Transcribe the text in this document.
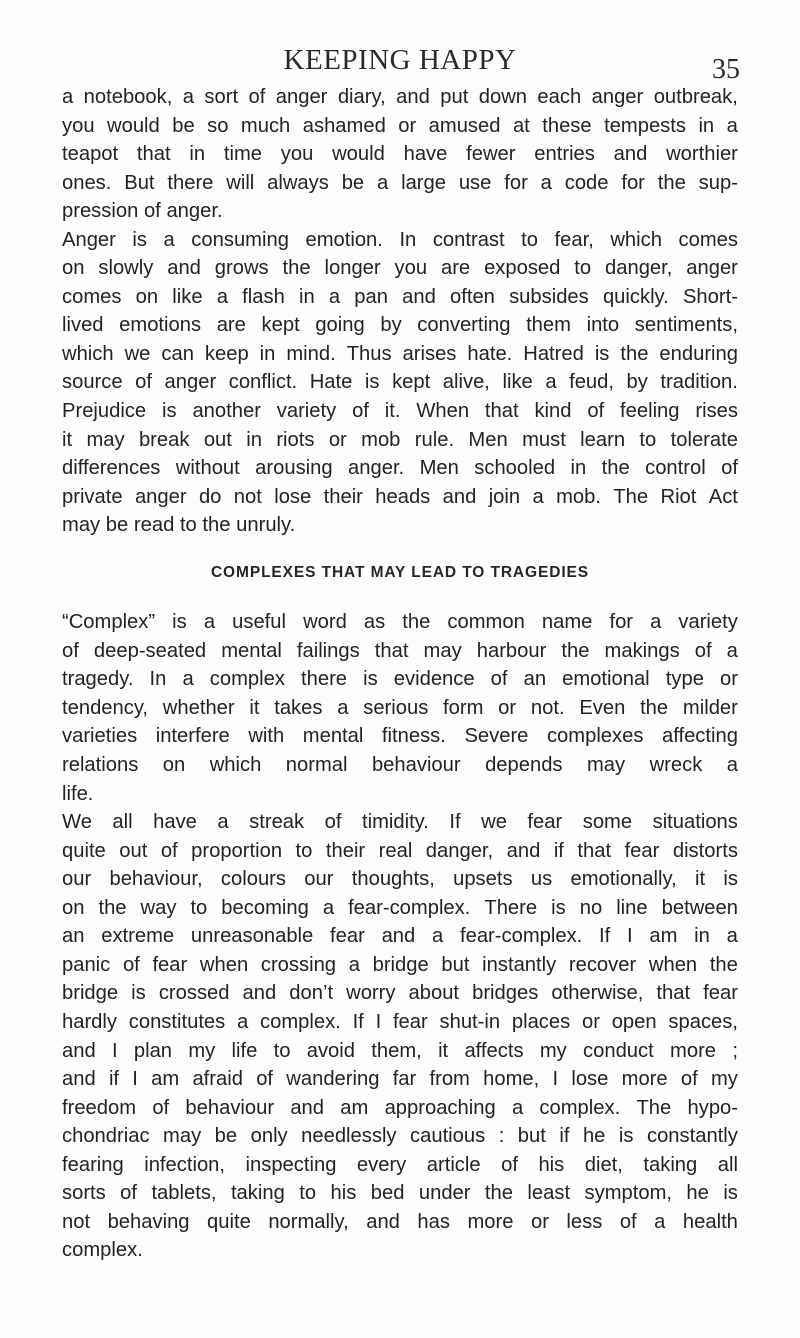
KEEPING HAPPY	35
a notebook, a sort of anger diary, and put down each anger outbreak,
you would be so much ashamed or amused at these tempests in a
teapot that in time you would have fewer entries and worthier
ones. But there will always be a large use for a code for the sup-
pression of anger.
Anger is a consuming emotion. In contrast to fear, which comes
on slowly and grows the longer you are exposed to danger, anger
comes on like a flash in a pan and often subsides quickly. Short-
lived emotions are kept going by converting them into sentiments,
which we can keep in mind. Thus arises hate. Hatred is the enduring
source of anger conflict. Hate is kept alive, like a feud, by tradition.
Prejudice is another variety of it. When that kind of feeling rises
it may break out in riots or mob rule. Men must learn to tolerate
differences without arousing anger. Men schooled in the control of
private anger do not lose their heads and join a mob. The Riot Act
may be read to the unruly.
COMPLEXES THAT MAY LEAD TO TRAGEDIES
“Complex” is a useful word as the common name for a variety
of deep-seated mental failings that may harbour the makings of a
tragedy. In a complex there is evidence of an emotional type or
tendency, whether it takes a serious form or not. Even the milder
varieties interfere with mental fitness. Severe complexes affecting
relations on which normal behaviour depends may wreck a
life.
We all have a streak of timidity. If we fear some situations
quite out of proportion to their real danger, and if that fear distorts
our behaviour, colours our thoughts, upsets us emotionally, it is
on the way to becoming a fear-complex. There is no line between
an extreme unreasonable fear and a fear-complex. If I am in a
panic of fear when crossing a bridge but instantly recover when the
bridge is crossed and don’t worry about bridges otherwise, that fear
hardly constitutes a complex. If I fear shut-in places or open spaces,
and I plan my life to avoid them, it affects my conduct more ;
and if I am afraid of wandering far from home, I lose more of my
freedom of behaviour and am approaching a complex. The hypo-
chondriac may be only needlessly cautious : but if he is constantly
fearing infection, inspecting every article of his diet, taking all
sorts of tablets, taking to his bed under the least symptom, he is
not behaving quite normally, and has more or less of a health
complex.
